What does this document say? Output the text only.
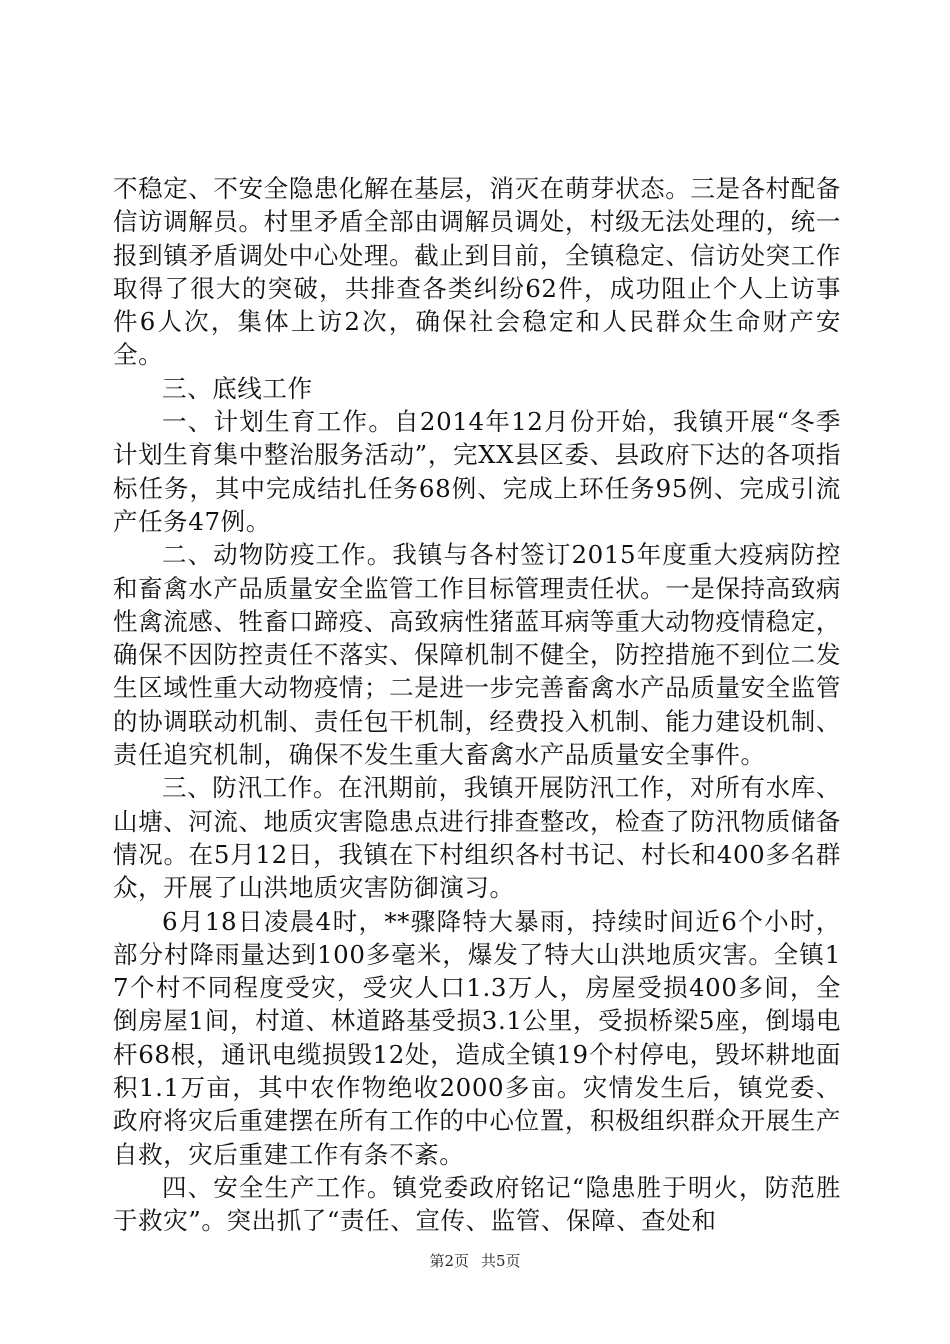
不稳定、不安全隐患化解在基层，消灭在萌芽状态。三是各村配备信访调解员。村里矛盾全部由调解员调处，村级无法处理的，统一报到镇矛盾调处中心处理。截止到目前，全镇稳定、信访处突工作取得了很大的突破，共排查各类纠纷62件，成功阻止个人上访事件6人次，集体上访2次，确保社会稳定和人民群众生命财产安全。

三、底线工作

一、计划生育工作。自2014年12月份开始，我镇开展“冬季计划生育集中整治服务活动”，完XX县区委、县政府下达的各项指标任务，其中完成结扎任务68例、完成上环任务95例、完成引流产任务47例。

二、动物防疫工作。我镇与各村签订2015年度重大疫病防控和畜禽水产品质量安全监管工作目标管理责任状。一是保持高致病性禽流感、牲畜口蹄疫、高致病性猪蓝耳病等重大动物疫情稳定，确保不因防控责任不落实、保障机制不健全，防控措施不到位二发生区域性重大动物疫情；二是进一步完善畜禽水产品质量安全监管的协调联动机制、责任包干机制，经费投入机制、能力建设机制、责任追究机制，确保不发生重大畜禽水产品质量安全事件。

三、防汛工作。在汛期前，我镇开展防汛工作，对所有水库、山塘、河流、地质灾害隐患点进行排查整改，检查了防汛物质储备情况。在5月12日，我镇在下村组织各村书记、村长和400多名群众，开展了山洪地质灾害防御演习。

6月18日凌晨4时，**骤降特大暴雨，持续时间近6个小时，部分村降雨量达到100多毫米，爆发了特大山洪地质灾害。全镇17个村不同程度受灾，受灾人口1.3万人，房屋受损400多间，全倒房屋1间，村道、林道路基受损3.1公里，受损桥梁5座，倒塌电杆68根，通讯电缆损毁12处，造成全镇19个村停电，毁坏耕地面积1.1万亩，其中农作物绝收2000多亩。灾情发生后，镇党委、政府将灾后重建摆在所有工作的中心位置，积极组织群众开展生产自救，灾后重建工作有条不紊。

四、安全生产工作。镇党委政府铭记“隐患胜于明火，防范胜于救灾”。突出抓了“责任、宣传、监管、保障、查处和

第2页 共5页
